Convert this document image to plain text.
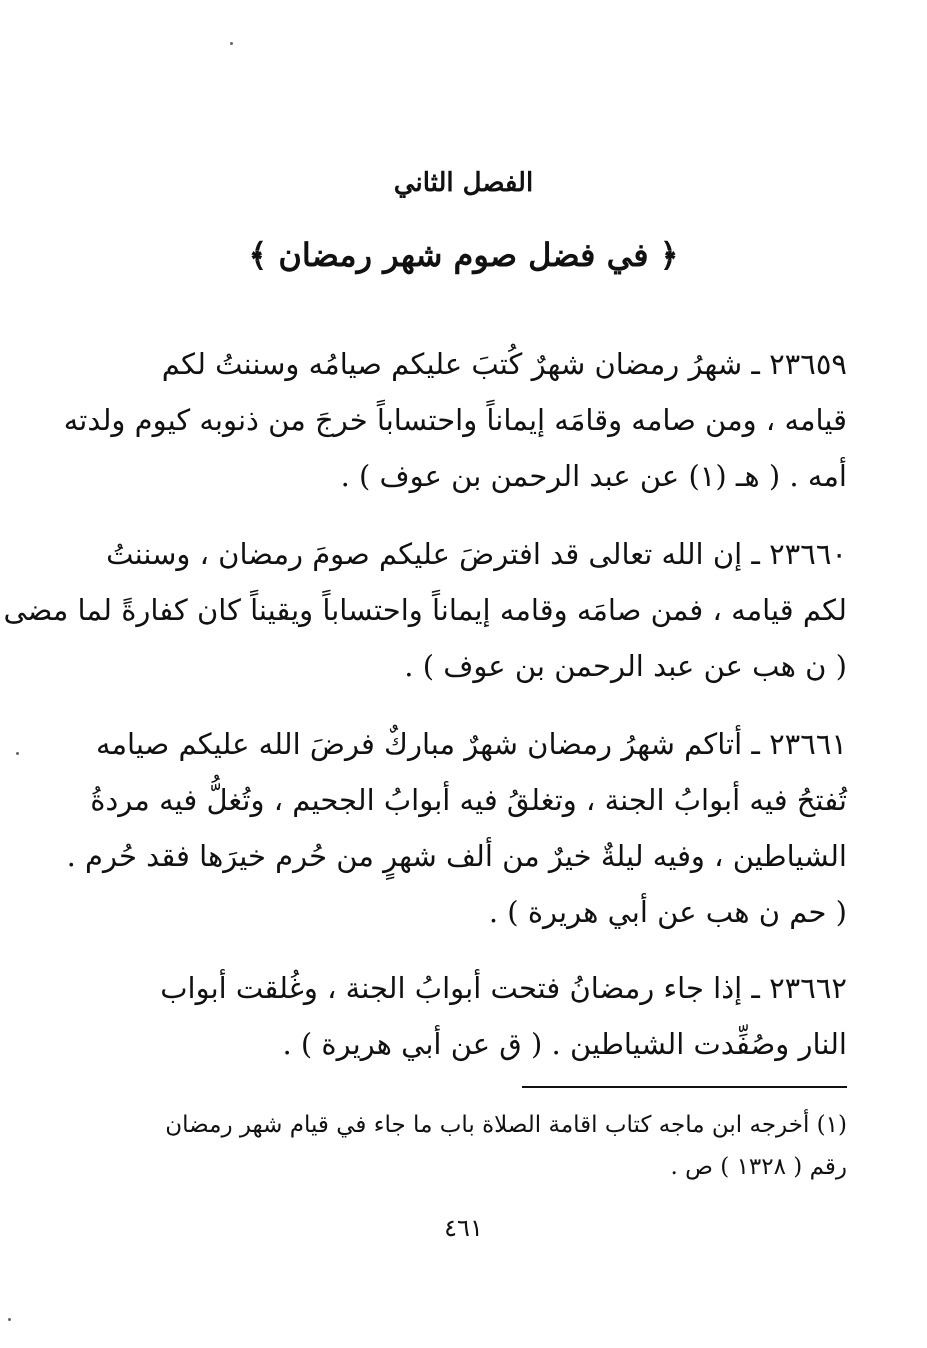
الفصل الثاني
﴿ في فضل صوم شهر رمضان ﴾
٢٣٦٥٩ ـ شهرُ رمضان شهرٌ كُتبَ عليكم صيامُه وسننتُ لكم
قيامه ، ومن صامه وقامَه إيماناً واحتساباً خرجَ من ذنوبه كيوم ولدته
أمه . ( هـ (١) عن عبد الرحمن بن عوف ) .
٢٣٦٦٠ ـ إن الله تعالى قد افترضَ عليكم صومَ رمضان ، وسننتُ
لكم قيامه ، فمن صامَه وقامه إيماناً واحتساباً ويقيناً كان كفارةً لما مضى
( ن هب عن عبد الرحمن بن عوف ) .
٢٣٦٦١ ـ أتاكم شهرُ رمضان شهرٌ مباركٌ فرضَ الله عليكم صيامه
تُفتحُ فيه أبوابُ الجنة ، وتغلقُ فيه أبوابُ الجحيم ، وتُغلُّ فيه مردةُ
الشياطين ، وفيه ليلةٌ خيرٌ من ألف شهرٍ من حُرم خيرَها فقد حُرم .
( حم ن هب عن أبي هريرة ) .
٢٣٦٦٢ ـ إذا جاء رمضانُ فتحت أبوابُ الجنة ، وغُلقت أبواب
النار وصُفِّدت الشياطين . ( ق عن أبي هريرة ) .
(١) أخرجه ابن ماجه كتاب اقامة الصلاة باب ما جاء في قيام شهر رمضان
رقم ( ١٣٢٨ ) ص .
٤٦١
